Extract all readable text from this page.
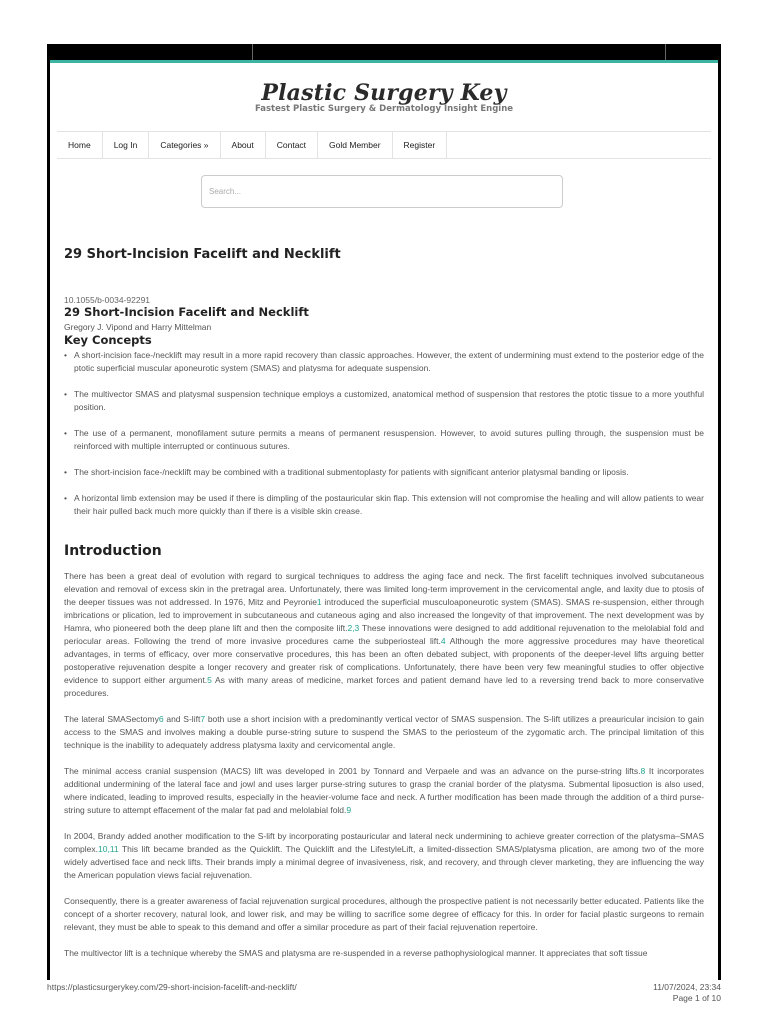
Plastic Surgery Key
Fastest Plastic Surgery & Dermatology Insight Engine
Home	Log In	Categories »	About	Contact	Gold Member	Register
Search...
29 Short-Incision Facelift and Necklift
10.1055/b-0034-92291
29 Short-Incision Facelift and Necklift
Gregory J. Vipond and Harry Mittelman
Key Concepts
• A short-incision face-/necklift may result in a more rapid recovery than classic approaches. However, the extent of undermining must extend to the posterior edge of the ptotic superficial muscular aponeurotic system (SMAS) and platysma for adequate suspension.
• The multivector SMAS and platysmal suspension technique employs a customized, anatomical method of suspension that restores the ptotic tissue to a more youthful position.
• The use of a permanent, monofilament suture permits a means of permanent resuspension. However, to avoid sutures pulling through, the suspension must be reinforced with multiple interrupted or continuous sutures.
• The short-incision face-/necklift may be combined with a traditional submentoplasty for patients with significant anterior platysmal banding or liposis.
• A horizontal limb extension may be used if there is dimpling of the postauricular skin flap. This extension will not compromise the healing and will allow patients to wear their hair pulled back much more quickly than if there is a visible skin crease.
Introduction

There has been a great deal of evolution with regard to surgical techniques to address the aging face and neck. The first facelift techniques involved subcutaneous elevation and removal of excess skin in the pretragal area. Unfortunately, there was limited long-term improvement in the cervicomental angle, and laxity due to ptosis of the deeper tissues was not addressed. In 1976, Mitz and Peyronie1 introduced the superficial musculoaponeurotic system (SMAS). SMAS re-suspension, either through imbrications or plication, led to improvement in subcutaneous and cutaneous aging and also increased the longevity of that improvement. The next development was by Hamra, who pioneered both the deep plane lift and then the composite lift.2,3 These innovations were designed to add additional rejuvenation to the melolabial fold and periocular areas. Following the trend of more invasive procedures came the subperiosteal lift.4 Although the more aggressive procedures may have theoretical advantages, in terms of efficacy, over more conservative procedures, this has been an often debated subject, with proponents of the deeper-level lifts arguing better postoperative rejuvenation despite a longer recovery and greater risk of complications. Unfortunately, there have been very few meaningful studies to offer objective evidence to support either argument.5 As with many areas of medicine, market forces and patient demand have led to a reversing trend back to more conservative procedures.

The lateral SMASectomy6 and S-lift7 both use a short incision with a predominantly vertical vector of SMAS suspension. The S-lift utilizes a preauricular incision to gain access to the SMAS and involves making a double purse-string suture to suspend the SMAS to the periosteum of the zygomatic arch. The principal limitation of this technique is the inability to adequately address platysma laxity and cervicomental angle.

The minimal access cranial suspension (MACS) lift was developed in 2001 by Tonnard and Verpaele and was an advance on the purse-string lifts.8 It incorporates additional undermining of the lateral face and jowl and uses larger purse-string sutures to grasp the cranial border of the platysma. Submental liposuction is also used, where indicated, leading to improved results, especially in the heavier-volume face and neck. A further modification has been made through the addition of a third purse-string suture to attempt effacement of the malar fat pad and melolabial fold.9

In 2004, Brandy added another modification to the S-lift by incorporating postauricular and lateral neck undermining to achieve greater correction of the platysma–SMAS complex.10,11 This lift became branded as the Quicklift. The Quicklift and the LifestyleLift, a limited-dissection SMAS/platysma plication, are among two of the more widely advertised face and neck lifts. Their brands imply a minimal degree of invasiveness, risk, and recovery, and through clever marketing, they are influencing the way the American population views facial rejuvenation.

Consequently, there is a greater awareness of facial rejuvenation surgical procedures, although the prospective patient is not necessarily better educated. Patients like the concept of a shorter recovery, natural look, and lower risk, and may be willing to sacrifice some degree of efficacy for this. In order for facial plastic surgeons to remain relevant, they must be able to speak to this demand and offer a similar procedure as part of their facial rejuvenation repertoire.

The multivector lift is a technique whereby the SMAS and platysma are re-suspended in a reverse pathophysiological manner. It appreciates that soft tissue

https://plasticsurgerykey.com/29-short-incision-facelift-and-necklift/	11/07/2024, 23:34
Page 1 of 10
